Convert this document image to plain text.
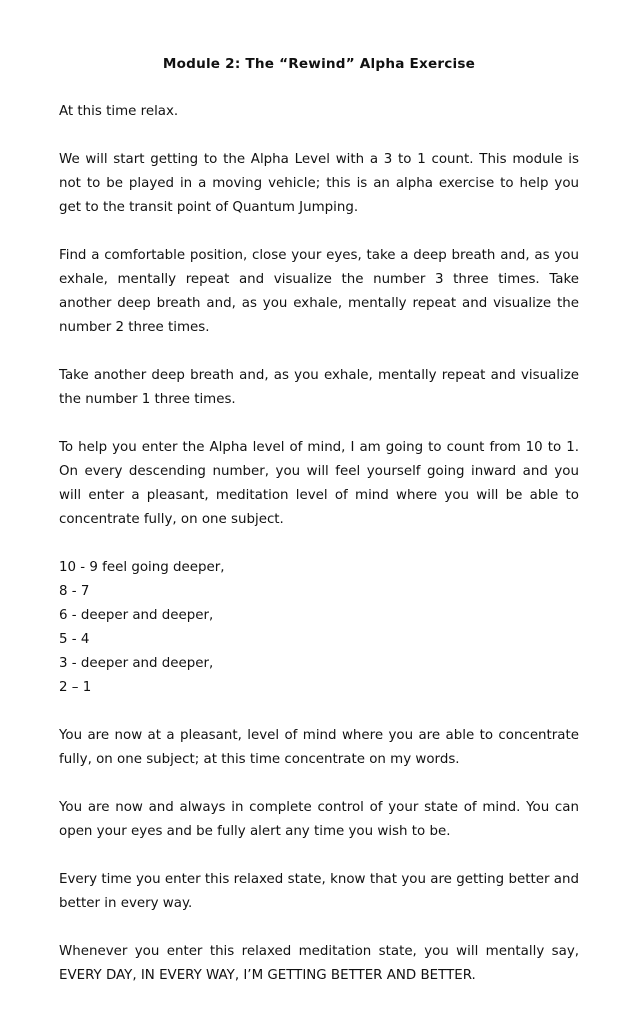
Module 2: The “Rewind” Alpha Exercise

At this time relax.

We will start getting to the Alpha Level with a 3 to 1 count. This module is not to be played in a moving vehicle; this is an alpha exercise to help you get to the transit point of Quantum Jumping.

Find a comfortable position, close your eyes, take a deep breath and, as you exhale, mentally repeat and visualize the number 3 three times. Take another deep breath and, as you exhale, mentally repeat and visualize the number 2 three times.

Take another deep breath and, as you exhale, mentally repeat and visualize the number 1 three times.

To help you enter the Alpha level of mind, I am going to count from 10 to 1. On every descending number, you will feel yourself going inward and you will enter a pleasant, meditation level of mind where you will be able to concentrate fully, on one subject.

10 - 9 feel going deeper,
8 - 7
6 - deeper and deeper,
5 - 4
3 - deeper and deeper,
2 – 1

You are now at a pleasant, level of mind where you are able to concentrate fully, on one subject; at this time concentrate on my words.

You are now and always in complete control of your state of mind. You can open your eyes and be fully alert any time you wish to be.

Every time you enter this relaxed state, know that you are getting better and better in every way.

Whenever you enter this relaxed meditation state, you will mentally say, EVERY DAY, IN EVERY WAY, I’M GETTING BETTER AND BETTER.
